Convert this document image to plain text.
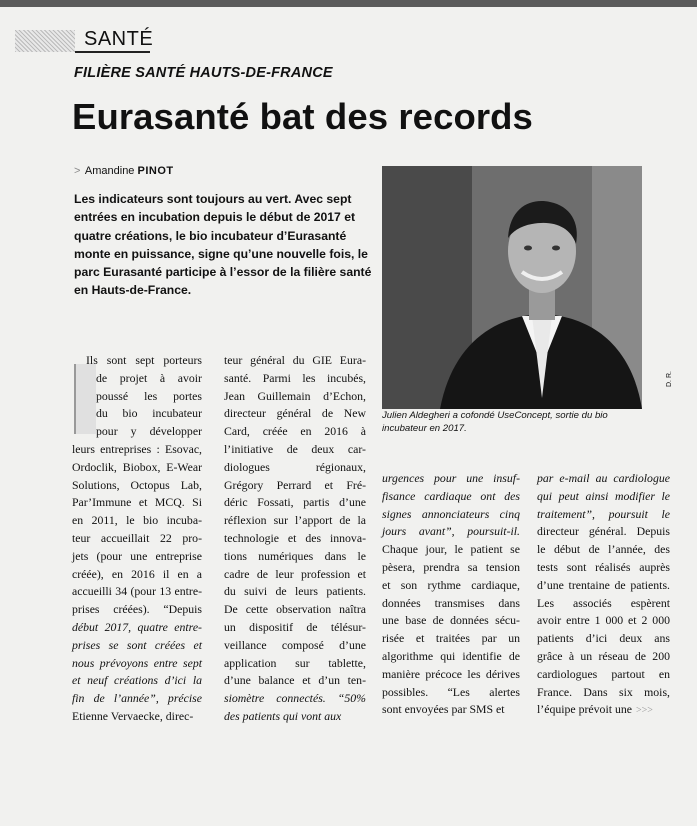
SANTÉ
FILIÈRE SANTÉ HAUTS-DE-FRANCE
Eurasanté bat des records
> Amandine PINOT
Les indicateurs sont toujours au vert. Avec sept entrées en incubation depuis le début de 2017 et quatre créations, le bio incubateur d’Eurasanté monte en puissance, signe qu’une nouvelle fois, le parc Eurasanté participe à l’essor de la filière santé en Hauts-de-France.
D. R.
Julien Aldegheri a cofondé UseConcept, sortie du bio incubateur en 2017.
Ils sont sept porteurs
de projet à avoir
poussé les portes
du bio incubateur
pour y développer
leurs entreprises : Esovac,
Ordoclik, Biobox, E-Wear
Solutions, Octopus Lab,
Par’Immune et MCQ. Si
en 2011, le bio incuba-
teur accueillait 22 pro-
jets (pour une entreprise
créée), en 2016 il en a
accueilli 34 (pour 13 entre-
prises créées). “Depuis
début 2017, quatre entre-
prises se sont créées et
nous prévoyons entre sept
et neuf créations d’ici la
fin de l’année”, précise
Etienne Vervaecke, direc-
teur général du GIE Eura-
santé. Parmi les incubés,
Jean Guillemain d’Echon,
directeur général de New
Card, créée en 2016 à
l’initiative de deux car-
diologues régionaux,
Grégory Perrard et Fré-
déric Fossati, partis d’une
réflexion sur l’apport de la
technologie et des innova-
tions numériques dans le
cadre de leur profession et
du suivi de leurs patients.
De cette observation naîtra
un dispositif de télésur-
veillance composé d’une
application sur tablette,
d’une balance et d’un ten-
siomètre connectés. “50%
des patients qui vont aux
urgences pour une insuf-
fisance cardiaque ont des
signes annonciateurs cinq
jours avant”, poursuit-il.
Chaque jour, le patient se
pèsera, prendra sa tension
et son rythme cardiaque,
données transmises dans
une base de données sécu-
risée et traitées par un
algorithme qui identifie de
manière précoce les dérives
possibles. “Les alertes
sont envoyées par SMS et
par e-mail au cardiologue
qui peut ainsi modifier le
traitement”, poursuit le
directeur général. Depuis
le début de l’année, des
tests sont réalisés auprès
d’une trentaine de patients.
Les associés espèrent
avoir entre 1 000 et 2 000
patients d’ici deux ans
grâce à un réseau de 200
cardiologues partout en
France. Dans six mois,
l’équipe prévoit une >>>
